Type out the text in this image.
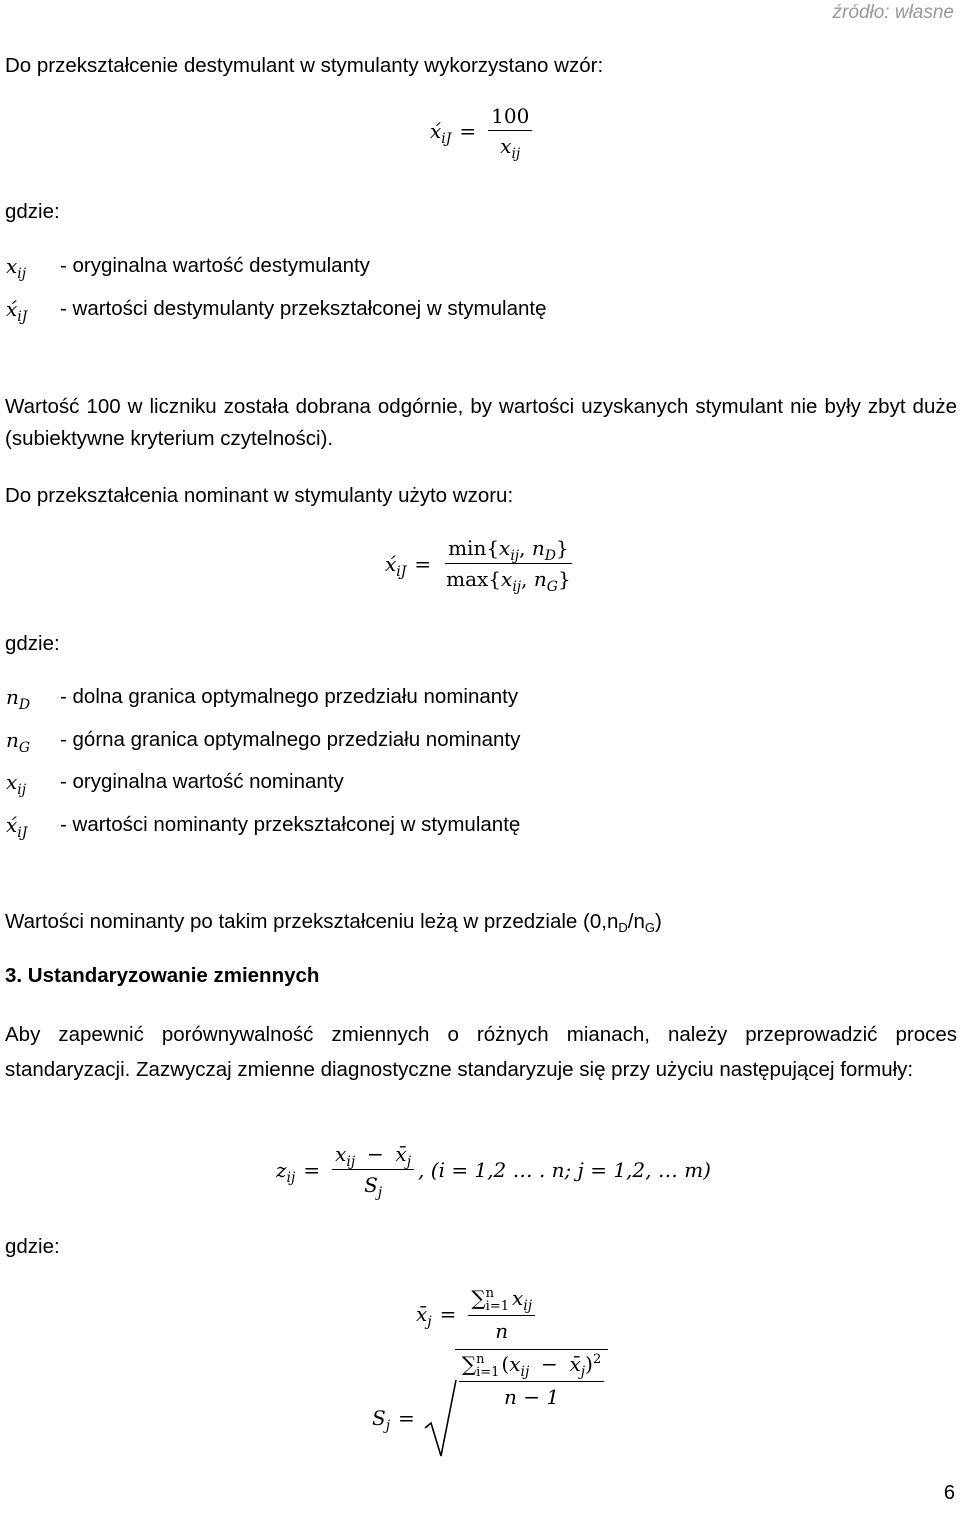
źródło: własne
Do przekształcenie destymulant w stymulanty wykorzystano wzór:
$x́_{iJ} = \frac{100}{x_{ij}}$
gdzie:
$x_{ij}$ - oryginalna wartość destymulanty
$x́_{iJ}$ - wartości destymulanty przekształconej w stymulantę
Wartość 100 w liczniku została dobrana odgórnie, by wartości uzyskanych stymulant nie były zbyt duże (subiektywne kryterium czytelności).
Do przekształcenia nominant w stymulanty użyto wzoru:
$x́_{iJ} = \frac{\min\{x_{ij}, n_D\}}{\max\{x_{ij}, n_G\}}$
gdzie:
$n_D$ - dolna granica optymalnego przedziału nominanty
$n_G$ - górna granica optymalnego przedziału nominanty
$x_{ij}$ - oryginalna wartość nominanty
$x́_{iJ}$ - wartości nominanty przekształconej w stymulantę
Wartości nominanty po takim przekształceniu leżą w przedziale (0,nD/nG)
3. Ustandaryzowanie zmiennych
Aby zapewnić porównywalność zmiennych o różnych mianach, należy przeprowadzić proces standaryzacji. Zazwyczaj zmienne diagnostyczne standaryzuje się przy użyciu następującej formuły:
$z_{ij} = \frac{x_{ij} - x̄_j}{S_j}$ , (i = 1,2 … . n; j = 1,2, … m)
gdzie:
$x̄_j$ = ∑ n
i=1 $x_{ij}$
n
$S_j$ =
∑ n
i=1 ($x_{ij}$ − $x̄_j)^2$
n − 1
6
